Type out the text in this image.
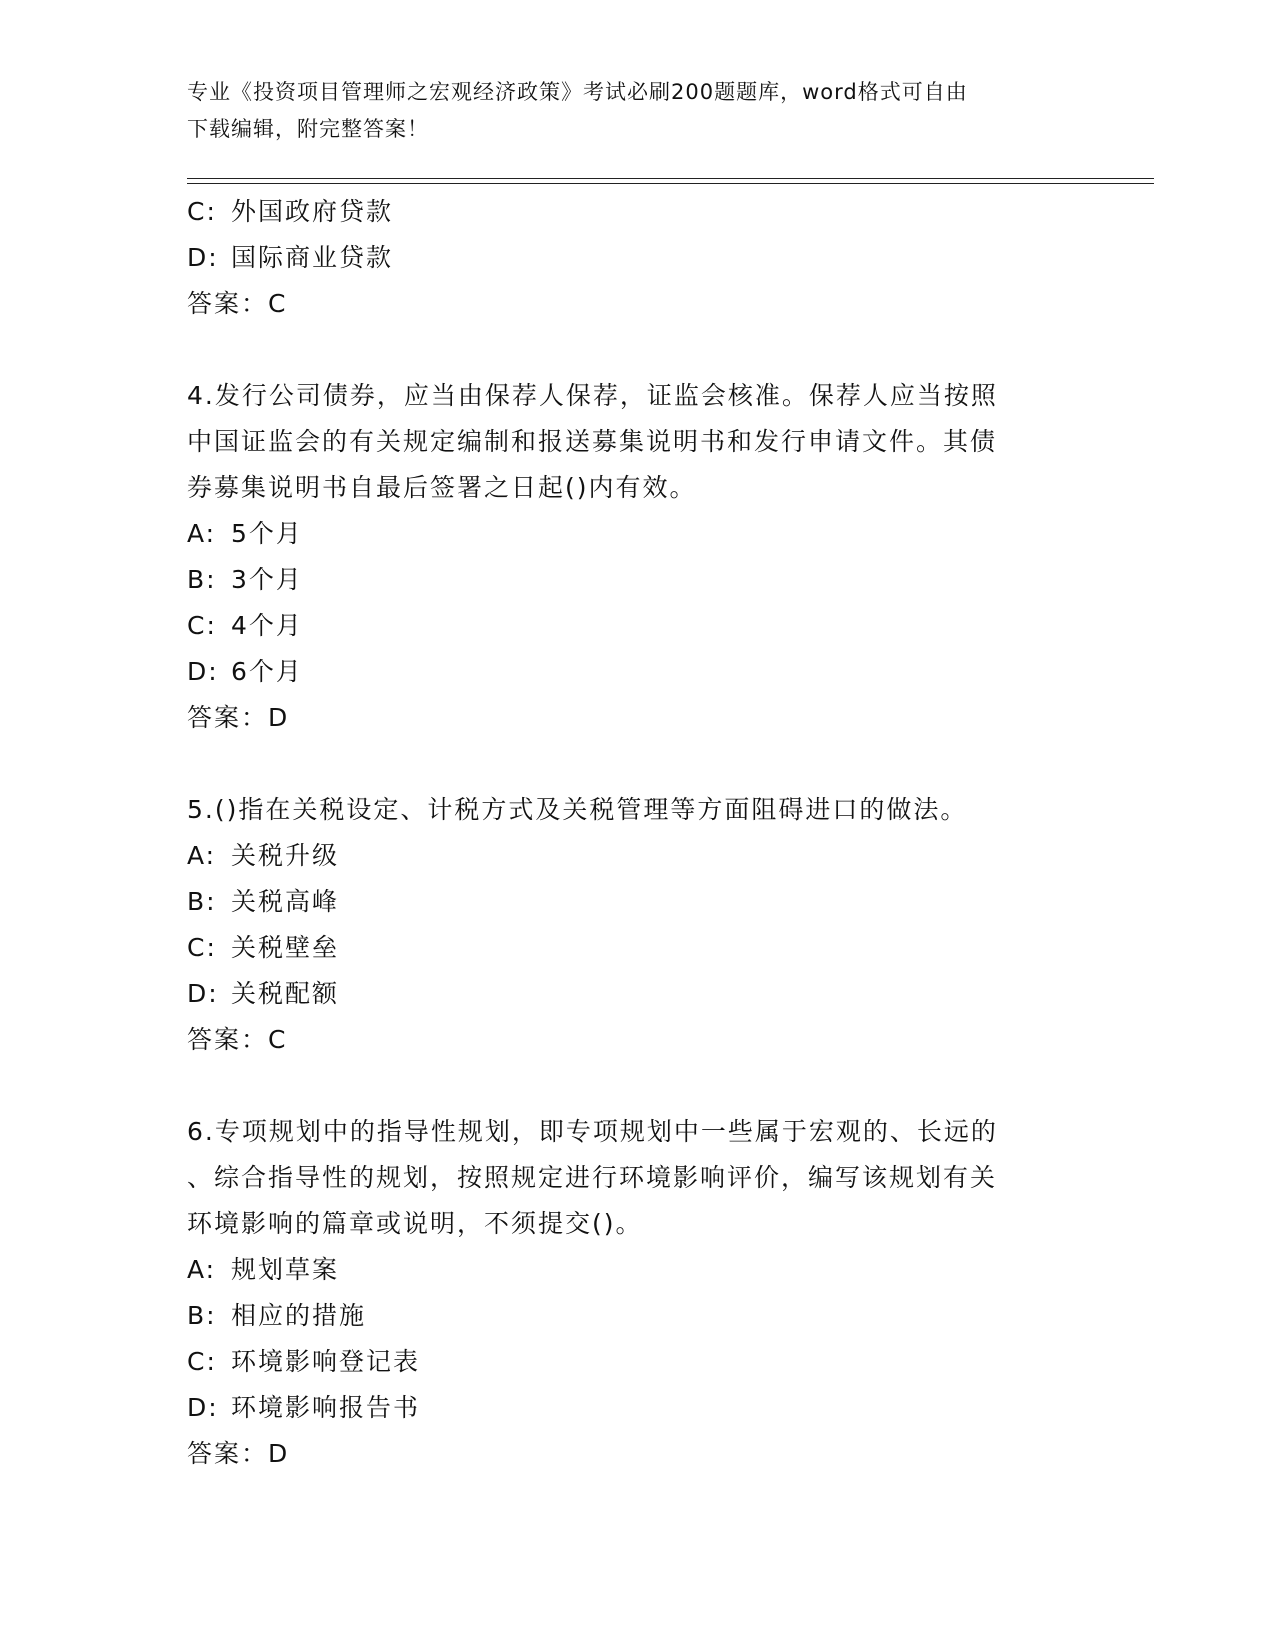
专业《投资项目管理师之宏观经济政策》考试必刷200题题库，word格式可自由
下载编辑，附完整答案！
C: 外国政府贷款
D: 国际商业贷款
答案：C
4.发行公司债券，应当由保荐人保荐，证监会核准。保荐人应当按照
中国证监会的有关规定编制和报送募集说明书和发行申请文件。其债
券募集说明书自最后签署之日起()内有效。
A: 5个月
B: 3个月
C: 4个月
D: 6个月
答案：D
5.()指在关税设定、计税方式及关税管理等方面阻碍进口的做法。
A: 关税升级
B: 关税高峰
C: 关税壁垒
D: 关税配额
答案：C
6.专项规划中的指导性规划，即专项规划中一些属于宏观的、长远的
、综合指导性的规划，按照规定进行环境影响评价，编写该规划有关
环境影响的篇章或说明，不须提交()。
A: 规划草案
B: 相应的措施
C: 环境影响登记表
D: 环境影响报告书
答案：D
